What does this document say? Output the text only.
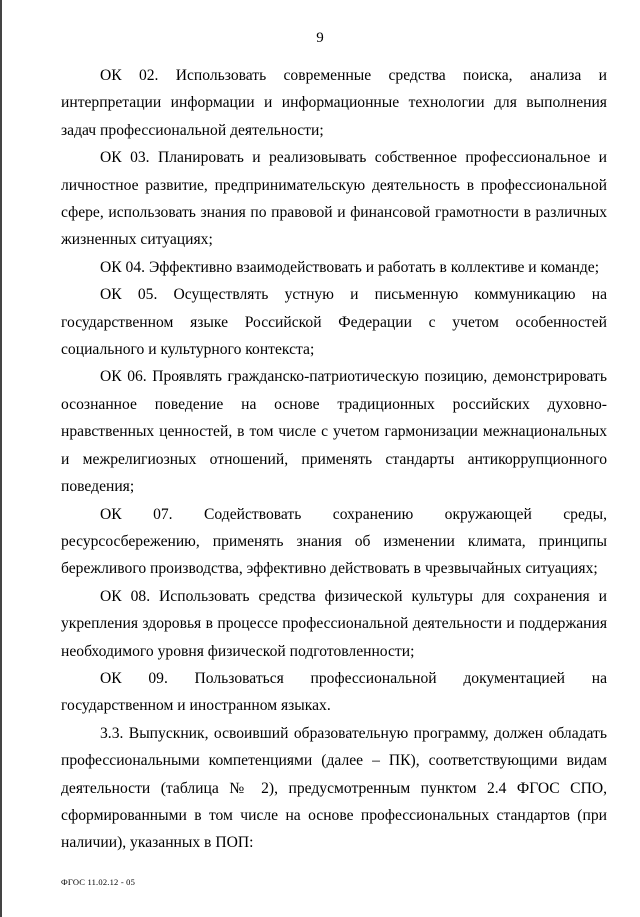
9

ОК 02. Использовать современные средства поиска, анализа и интерпретации информации и информационные технологии для выполнения задач профессиональной деятельности;

ОК 03. Планировать и реализовывать собственное профессиональное и личностное развитие, предпринимательскую деятельность в профессиональной сфере, использовать знания по правовой и финансовой грамотности в различных жизненных ситуациях;

ОК 04. Эффективно взаимодействовать и работать в коллективе и команде;

ОК 05. Осуществлять устную и письменную коммуникацию на государственном языке Российской Федерации с учетом особенностей социального и культурного контекста;

ОК 06. Проявлять гражданско-патриотическую позицию, демонстрировать осознанное поведение на основе традиционных российских духовно-нравственных ценностей, в том числе с учетом гармонизации межнациональных и межрелигиозных отношений, применять стандарты антикоррупционного поведения;

ОК 07. Содействовать сохранению окружающей среды, ресурсосбережению, применять знания об изменении климата, принципы бережливого производства, эффективно действовать в чрезвычайных ситуациях;

ОК 08. Использовать средства физической культуры для сохранения и укрепления здоровья в процессе профессиональной деятельности и поддержания необходимого уровня физической подготовленности;

ОК 09. Пользоваться профессиональной документацией на государственном и иностранном языках.

3.3. Выпускник, освоивший образовательную программу, должен обладать профессиональными компетенциями (далее – ПК), соответствующими видам деятельности (таблица № 2), предусмотренным пунктом 2.4 ФГОС СПО, сформированными в том числе на основе профессиональных стандартов (при наличии), указанных в ПОП:

ФГОС 11.02.12 - 05
